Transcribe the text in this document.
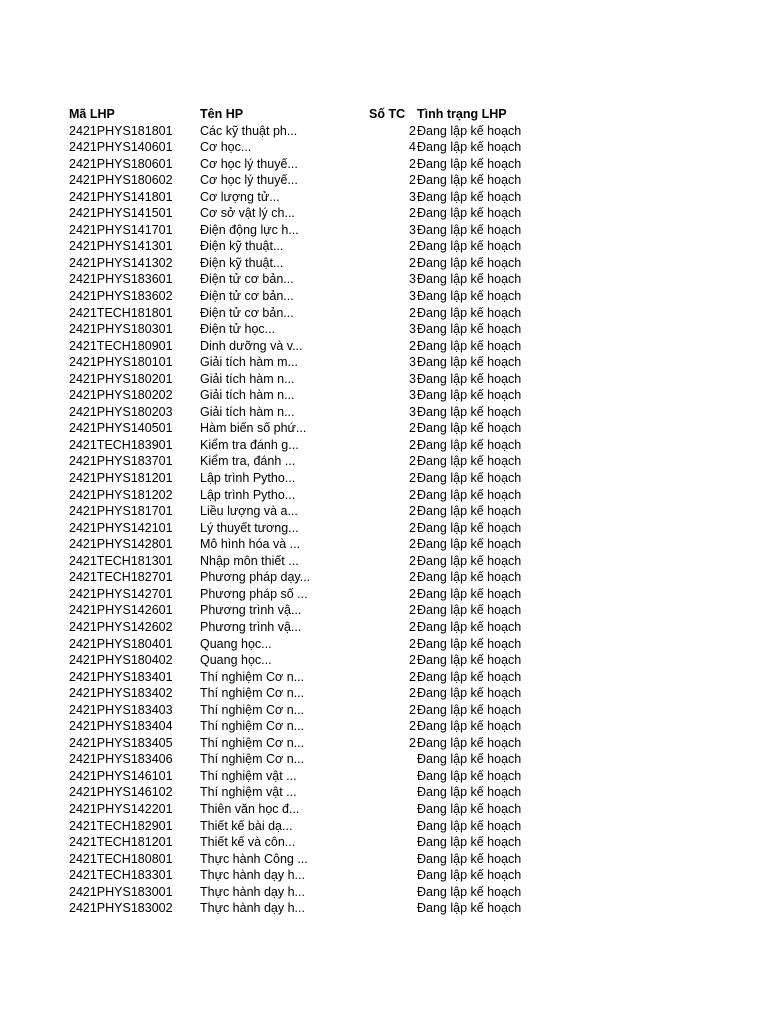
Mã LHP	Tên HP	Số TC Tình trạng LHP
2421PHYS181801 Các kỹ thuật ph...	2 Đang lập kế hoạch
2421PHYS140601 Cơ học...	4 Đang lập kế hoạch
2421PHYS180601 Cơ học lý thuyế...	2 Đang lập kế hoạch
2421PHYS180602 Cơ học lý thuyế...	2 Đang lập kế hoạch
2421PHYS141801 Cơ lượng tử...	3 Đang lập kế hoạch
2421PHYS141501 Cơ sở vật lý ch...	2 Đang lập kế hoạch
2421PHYS141701 Điện động lực h...	3 Đang lập kế hoạch
2421PHYS141301 Điện kỹ thuật...	2 Đang lập kế hoạch
2421PHYS141302 Điện kỹ thuật...	2 Đang lập kế hoạch
2421PHYS183601 Điện tử cơ bản...	3 Đang lập kế hoạch
2421PHYS183602 Điện tử cơ bản...	3 Đang lập kế hoạch
2421TECH181801 Điện tử cơ bản...	2 Đang lập kế hoạch
2421PHYS180301 Điện tử học...	3 Đang lập kế hoạch
2421TECH180901 Dinh dưỡng và v...	2 Đang lập kế hoạch
2421PHYS180101 Giải tích hàm m...	3 Đang lập kế hoạch
2421PHYS180201 Giải tích hàm n...	3 Đang lập kế hoạch
2421PHYS180202 Giải tích hàm n...	3 Đang lập kế hoạch
2421PHYS180203 Giải tích hàm n...	3 Đang lập kế hoạch
2421PHYS140501 Hàm biến số phứ...	2 Đang lập kế hoạch
2421TECH183901 Kiểm tra đánh g...	2 Đang lập kế hoạch
2421PHYS183701 Kiểm tra, đánh ...	2 Đang lập kế hoạch
2421PHYS181201 Lập trình Pytho...	2 Đang lập kế hoạch
2421PHYS181202 Lập trình Pytho...	2 Đang lập kế hoạch
2421PHYS181701 Liều lượng và a...	2 Đang lập kế hoạch
2421PHYS142101 Lý thuyết tương...	2 Đang lập kế hoạch
2421PHYS142801 Mô hình hóa và ...	2 Đang lập kế hoạch
2421TECH181301 Nhập môn thiết ...	2 Đang lập kế hoạch
2421TECH182701 Phương pháp dạy...	2 Đang lập kế hoạch
2421PHYS142701 Phương pháp số ...	2 Đang lập kế hoạch
2421PHYS142601 Phương trình vậ...	2 Đang lập kế hoạch
2421PHYS142602 Phương trình vậ...	2 Đang lập kế hoạch
2421PHYS180401 Quang học...	2 Đang lập kế hoạch
2421PHYS180402 Quang học...	2 Đang lập kế hoạch
2421PHYS183401 Thí nghiệm Cơ n...	2 Đang lập kế hoạch
2421PHYS183402 Thí nghiệm Cơ n...	2 Đang lập kế hoạch
2421PHYS183403 Thí nghiệm Cơ n...	2 Đang lập kế hoạch
2421PHYS183404 Thí nghiệm Cơ n...	2 Đang lập kế hoạch
2421PHYS183405 Thí nghiệm Cơ n...	2 Đang lập kế hoạch
2421PHYS183406 Thí nghiệm Cơ n...	Đang lập kế hoạch
2421PHYS146101 Thí nghiệm vật ...	Đang lập kế hoạch
2421PHYS146102 Thí nghiệm vật ...	Đang lập kế hoạch
2421PHYS142201 Thiên văn học đ...	Đang lập kế hoạch
2421TECH182901 Thiết kế bài dạ...	Đang lập kế hoạch
2421TECH181201 Thiết kế và côn...	Đang lập kế hoạch
2421TECH180801 Thực hành Công ...	Đang lập kế hoạch
2421TECH183301 Thực hành dạy h...	Đang lập kế hoạch
2421PHYS183001 Thực hành dạy h...	Đang lập kế hoạch
2421PHYS183002 Thực hành dạy h...	Đang lập kế hoạch
